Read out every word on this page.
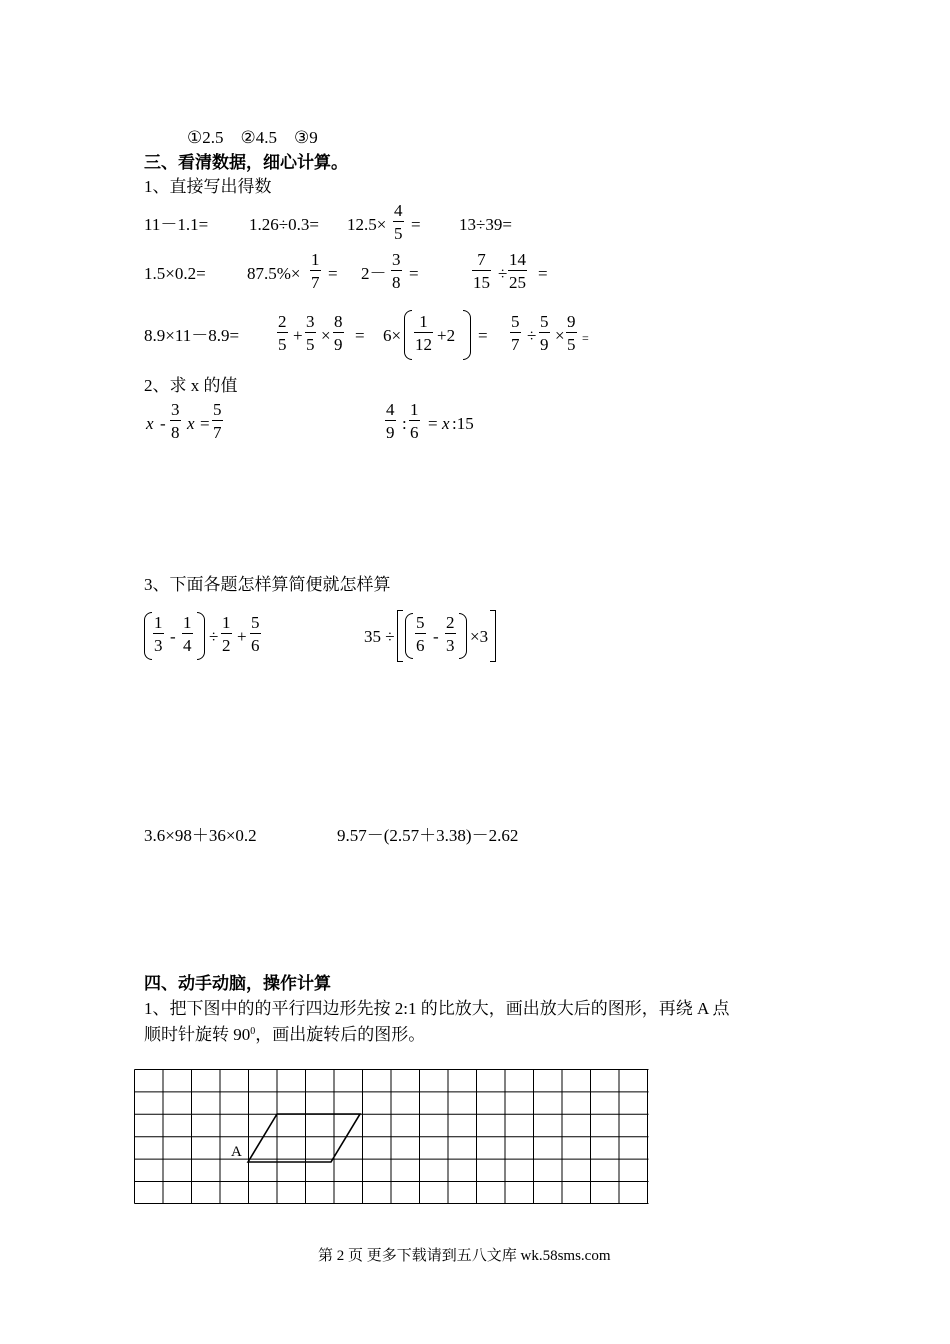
①2.5　②4.5　③9
三、看清数据，细心计算。
1、直接写出得数
11－1.1= 1.26÷0.3= 12.5×
4
5 = 13÷39=
1.5×0.2= 87.5%×
1
7 = 2－
3
8 =
7
15 ÷
14
25 =
8.9×11－8.9=
2
5 +
3
5 ×
8
9 = 6×
1
12 +2 =
5
7 ÷
5
9 ×
9
5 =
2、求 x 的值
x -
3
8 x =
5
7
4
9 :
1
6 = x :15
3、下面各题怎样算简便就怎样算
1
3 -
1
4 ÷
1
2 +
5
6	35 ÷
5
6 -
2
3 ×3
3.6×98＋36×0.2	9.57－(2.57＋3.38)－2.62
四、动手动脑，操作计算
1、把下图中的的平行四边形先按 2:1 的比放大，画出放大后的图形，再绕 A 点
顺时针旋转 $90^0$，画出旋转后的图形。
A
第 2 页 更多下载请到五八文库 wk.58sms.com
